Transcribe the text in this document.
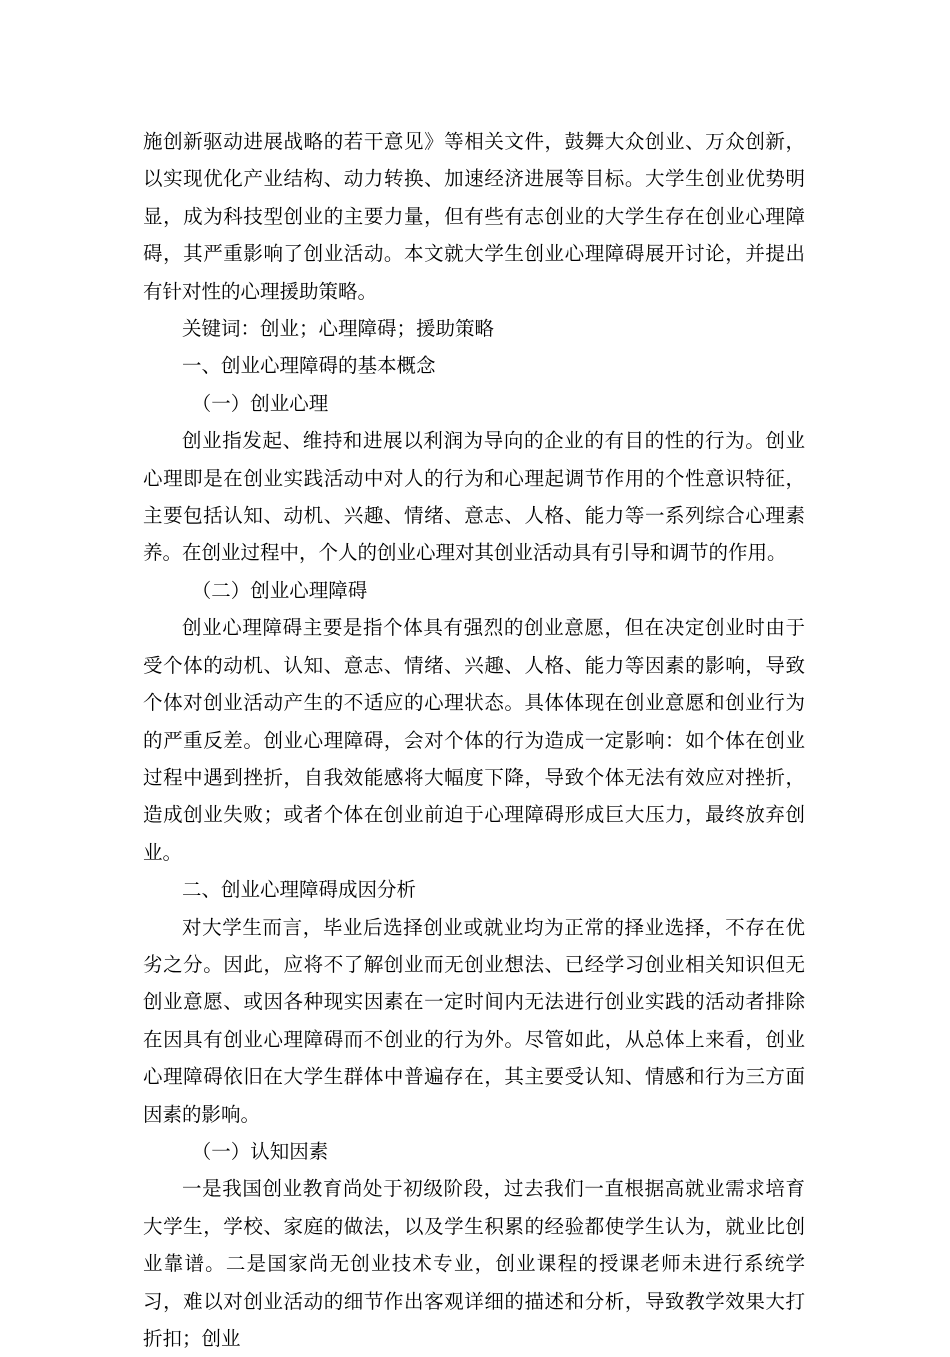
施创新驱动进展战略的若干意见》等相关文件，鼓舞大众创业、万众创新，以实现优化产业结构、动力转换、加速经济进展等目标。大学生创业优势明显，成为科技型创业的主要力量，但有些有志创业的大学生存在创业心理障碍，其严重影响了创业活动。本文就大学生创业心理障碍展开讨论，并提出有针对性的心理援助策略。

关键词：创业；心理障碍；援助策略

一、创业心理障碍的基本概念

（一）创业心理

创业指发起、维持和进展以利润为导向的企业的有目的性的行为。创业心理即是在创业实践活动中对人的行为和心理起调节作用的个性意识特征，主要包括认知、动机、兴趣、情绪、意志、人格、能力等一系列综合心理素养。在创业过程中，个人的创业心理对其创业活动具有引导和调节的作用。

（二）创业心理障碍

创业心理障碍主要是指个体具有强烈的创业意愿，但在决定创业时由于受个体的动机、认知、意志、情绪、兴趣、人格、能力等因素的影响，导致个体对创业活动产生的不适应的心理状态。具体体现在创业意愿和创业行为的严重反差。创业心理障碍，会对个体的行为造成一定影响：如个体在创业过程中遇到挫折，自我效能感将大幅度下降，导致个体无法有效应对挫折，造成创业失败；或者个体在创业前迫于心理障碍形成巨大压力，最终放弃创业。

二、创业心理障碍成因分析

对大学生而言，毕业后选择创业或就业均为正常的择业选择，不存在优劣之分。因此，应将不了解创业而无创业想法、已经学习创业相关知识但无创业意愿、或因各种现实因素在一定时间内无法进行创业实践的活动者排除在因具有创业心理障碍而不创业的行为外。尽管如此，从总体上来看，创业心理障碍依旧在大学生群体中普遍存在，其主要受认知、情感和行为三方面因素的影响。

（一）认知因素

一是我国创业教育尚处于初级阶段，过去我们一直根据高就业需求培育大学生，学校、家庭的做法，以及学生积累的经验都使学生认为，就业比创业靠谱。二是国家尚无创业技术专业，创业课程的授课老师未进行系统学习，难以对创业活动的细节作出客观详细的描述和分析，导致教学效果大打折扣；创业
